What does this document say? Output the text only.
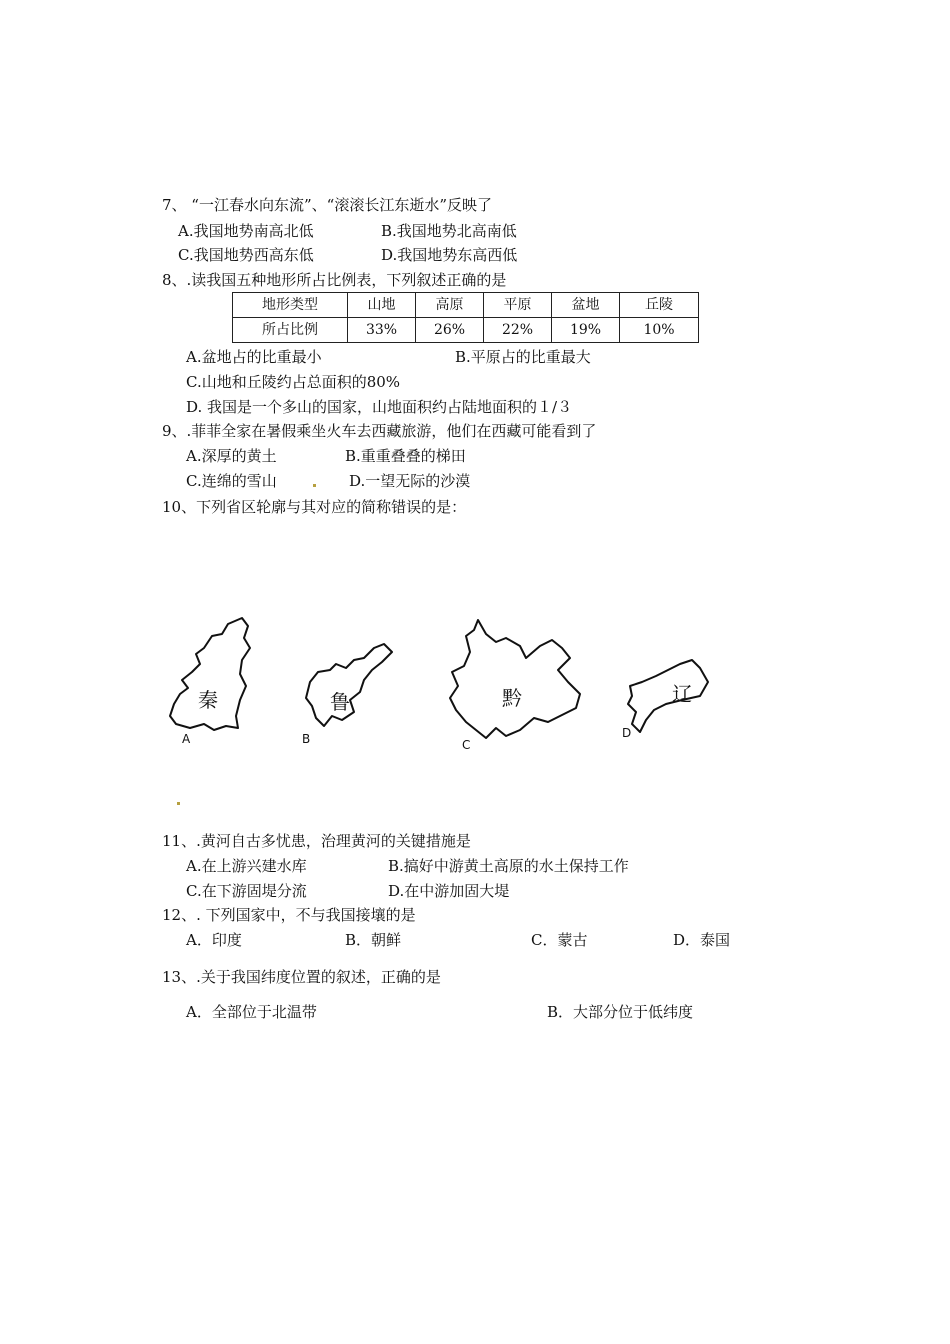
7、 “一江春水向东流”、“滚滚长江东逝水”反映了
A.我国地势南高北低	B.我国地势北高南低
C.我国地势西高东低	D.我国地势东高西低
8、.读我国五种地形所占比例表，下列叙述正确的是
地形类型	山地	高原	平原	盆地	丘陵
所占比例	33%	26%	22%	19%	10%
A.盆地占的比重最小	B.平原占的比重最大
C.山地和丘陵约占总面积的80%
D. 我国是一个多山的国家，山地面积约占陆地面积的１/３
9、.菲菲全家在暑假乘坐火车去西藏旅游，他们在西藏可能看到了
A.深厚的黄土	B.重重叠叠的梯田
C.连绵的雪山	D.一望无际的沙漠
10、下列省区轮廓与其对应的简称错误的是：
秦
A
鲁
B
黔
C
辽
D
11、.黄河自古多忧患，治理黄河的关键措施是
A.在上游兴建水库	B.搞好中游黄土高原的水土保持工作
C.在下游固堤分流	D.在中游加固大堤
12、. 下列国家中，不与我国接壤的是
A．印度	B．朝鲜	C．蒙古	D．泰国
13、.关于我国纬度位置的叙述，正确的是
A．全部位于北温带	B．大部分位于低纬度
